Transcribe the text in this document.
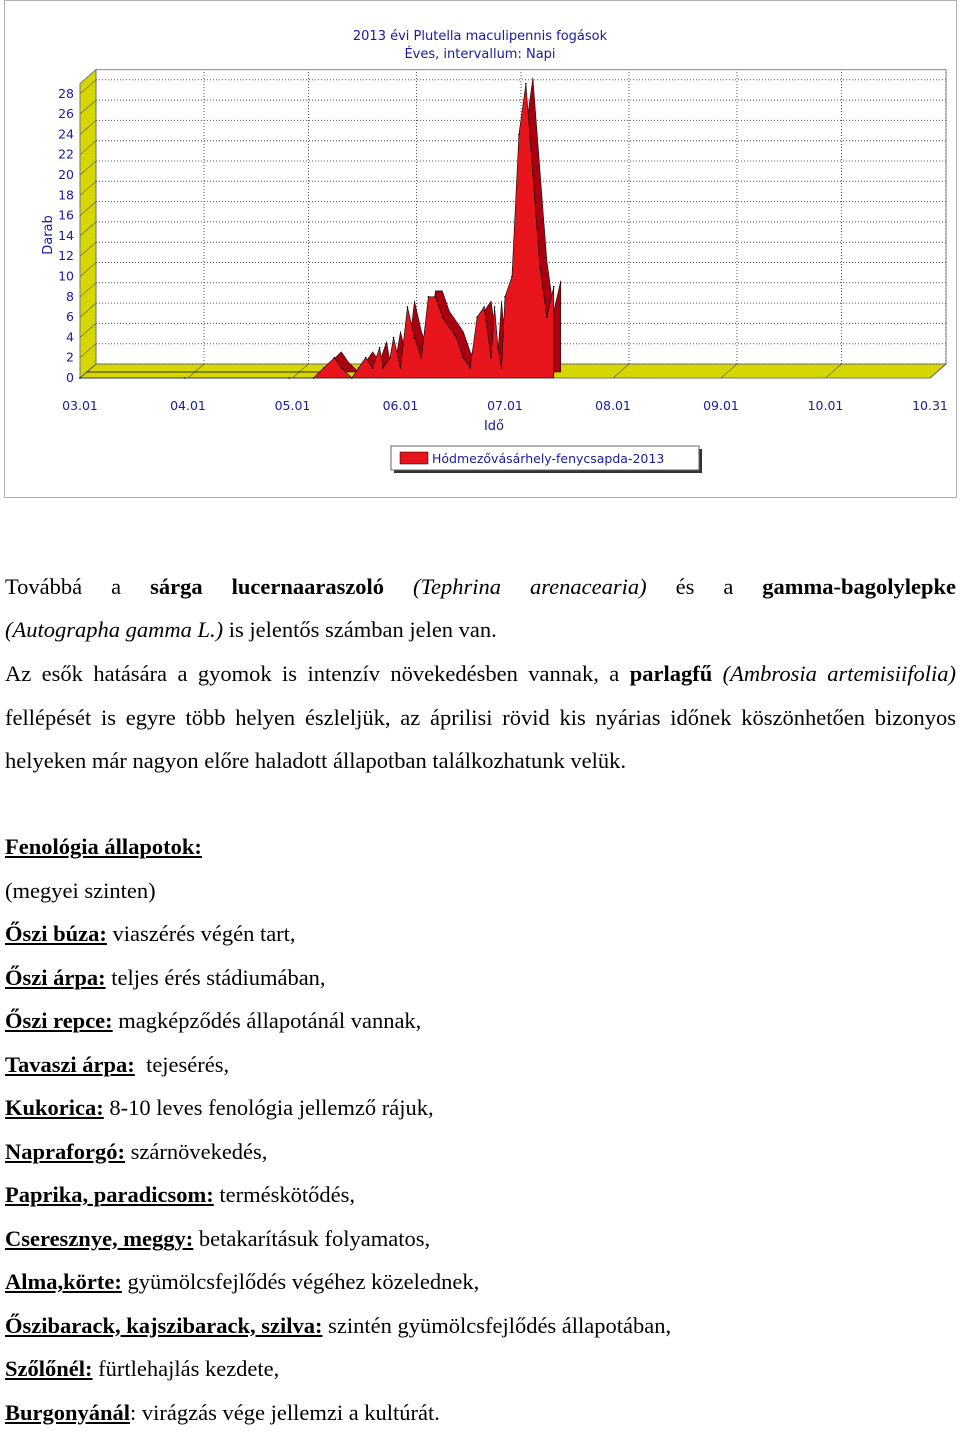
2013 évi Plutella maculipennis fogások
Éves, intervallum: Napi
0
2
4
6
8
10
12
14
16
18
20
22
24
26
28
03.01	04.01	05.01	06.01	07.01	08.01	09.01	10.01	10.31
Darab
Idő
Hódmezővásárhely-fenycsapda-2013
Továbbá a sárga lucernaaraszoló (Tephrina arenacearia) és a gamma-bagolylepke
(Autographa gamma L.) is jelentős számban jelen van.
Az esők hatására a gyomok is intenzív növekedésben vannak, a parlagfű (Ambrosia artemisiifolia) fellépését is egyre több helyen észleljük, az áprilisi rövid kis nyárias időnek köszönhetően bizonyos helyeken már nagyon előre haladott állapotban találkozhatunk velük.
Fenológia állapotok:
(megyei szinten)
Őszi búza: viaszérés végén tart,
Őszi árpa: teljes érés stádiumában,
Őszi repce: magképződés állapotánál vannak,
Tavaszi árpa:  tejesérés,
Kukorica: 8-10 leves fenológia jellemző rájuk,
Napraforgó: szárnövekedés,
Paprika, paradicsom: terméskötődés,
Cseresznye, meggy: betakarításuk folyamatos,
Alma,körte: gyümölcsfejlődés végéhez közelednek,
Őszibarack, kajszibarack, szilva: szintén gyümölcsfejlődés állapotában,
Szőlőnél: fürtlehajlás kezdete,
Burgonyánál: virágzás vége jellemzi a kultúrát.
